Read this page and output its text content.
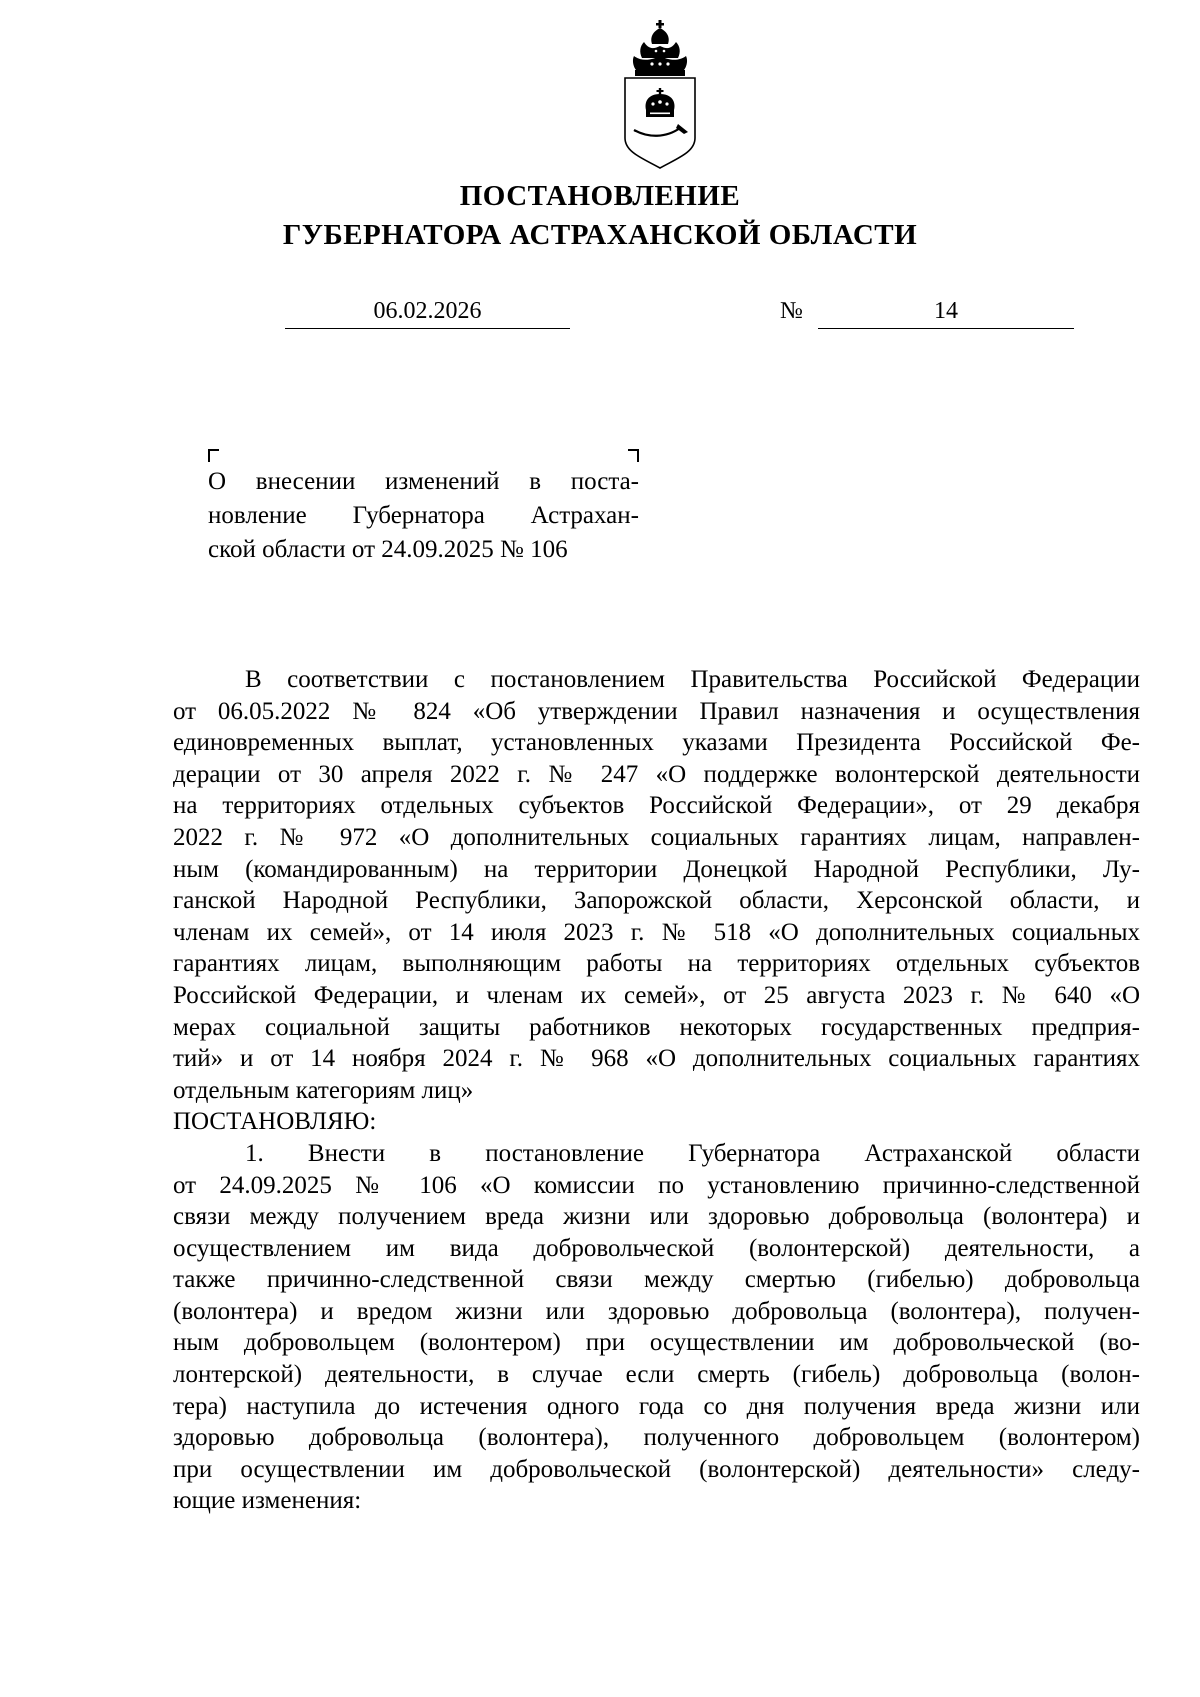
ПОСТАНОВЛЕНИЕ
ГУБЕРНАТОРА АСТРАХАНСКОЙ ОБЛАСТИ
06.02.2026	№	14
О внесении изменений в поста-
новление Губернатора Астрахан-
ской области от 24.09.2025 № 106
В соответствии с постановлением Правительства Российской Федерации
от 06.05.2022 № 824 «Об утверждении Правил назначения и осуществления
единовременных выплат, установленных указами Президента Российской Фе-
дерации от 30 апреля 2022 г. № 247 «О поддержке волонтерской деятельности
на территориях отдельных субъектов Российской Федерации», от 29 декабря
2022 г. № 972 «О дополнительных социальных гарантиях лицам, направлен-
ным (командированным) на территории Донецкой Народной Республики, Лу-
ганской Народной Республики, Запорожской области, Херсонской области, и
членам их семей», от 14 июля 2023 г. № 518 «О дополнительных социальных
гарантиях лицам, выполняющим работы на территориях отдельных субъектов
Российской Федерации, и членам их семей», от 25 августа 2023 г. № 640 «О
мерах социальной защиты работников некоторых государственных предприя-
тий» и от 14 ноября 2024 г. № 968 «О дополнительных социальных гарантиях
отдельным категориям лиц»
ПОСТАНОВЛЯЮ:
1. Внести в постановление Губернатора Астраханской области
от 24.09.2025 № 106 «О комиссии по установлению причинно-следственной
связи между получением вреда жизни или здоровью добровольца (волонтера) и
осуществлением им вида добровольческой (волонтерской) деятельности, а
также причинно-следственной связи между смертью (гибелью) добровольца
(волонтера) и вредом жизни или здоровью добровольца (волонтера), получен-
ным добровольцем (волонтером) при осуществлении им добровольческой (во-
лонтерской) деятельности, в случае если смерть (гибель) добровольца (волон-
тера) наступила до истечения одного года со дня получения вреда жизни или
здоровью добровольца (волонтера), полученного добровольцем (волонтером)
при осуществлении им добровольческой (волонтерской) деятельности» следу-
ющие изменения:
